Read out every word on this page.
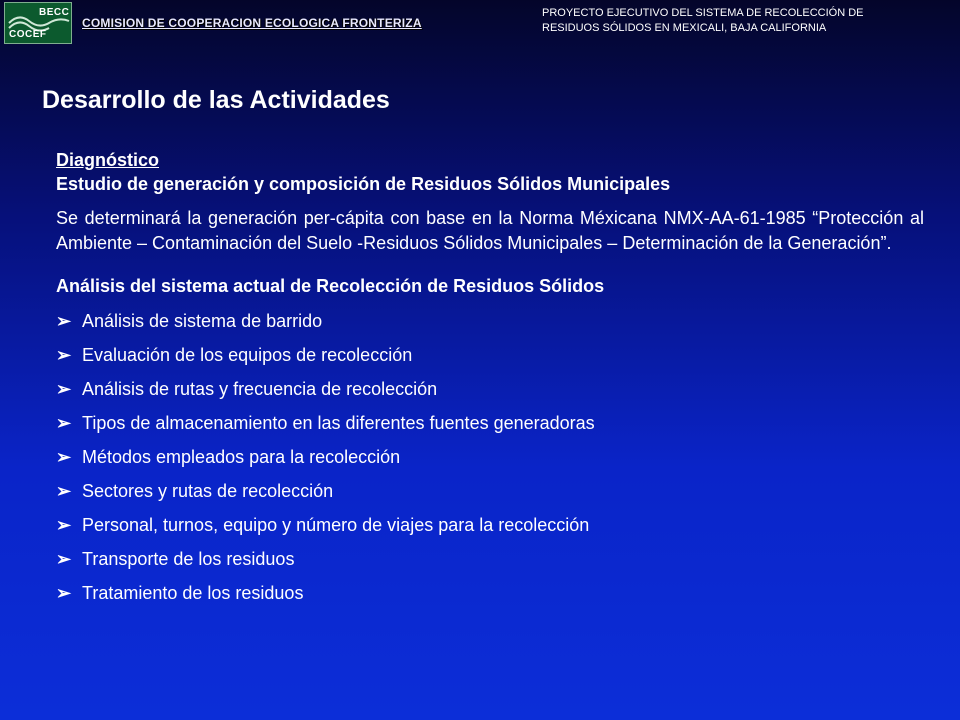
BECC
COCEF
COMISION DE COOPERACION ECOLOGICA FRONTERIZA
PROYECTO EJECUTIVO DEL SISTEMA DE RECOLECCIÓN DE
RESIDUOS SÓLIDOS EN MEXICALI, BAJA CALIFORNIA
Desarrollo de las Actividades
Diagnóstico
Estudio de generación y composición de Residuos Sólidos Municipales
Se determinará la generación per-cápita con base en la Norma Méxicana NMX-AA-61-1985 “Protección al Ambiente – Contaminación del Suelo -Residuos Sólidos Municipales – Determinación de la Generación”.
Análisis del sistema actual de Recolección de Residuos Sólidos
➢ Análisis de sistema de barrido
➢ Evaluación de los equipos de recolección
➢ Análisis de rutas y frecuencia de recolección
➢ Tipos de almacenamiento en las diferentes fuentes generadoras
➢ Métodos empleados para la recolección
➢ Sectores y rutas de recolección
➢ Personal, turnos, equipo y número de viajes para la recolección
➢ Transporte de los residuos
➢ Tratamiento de los residuos
